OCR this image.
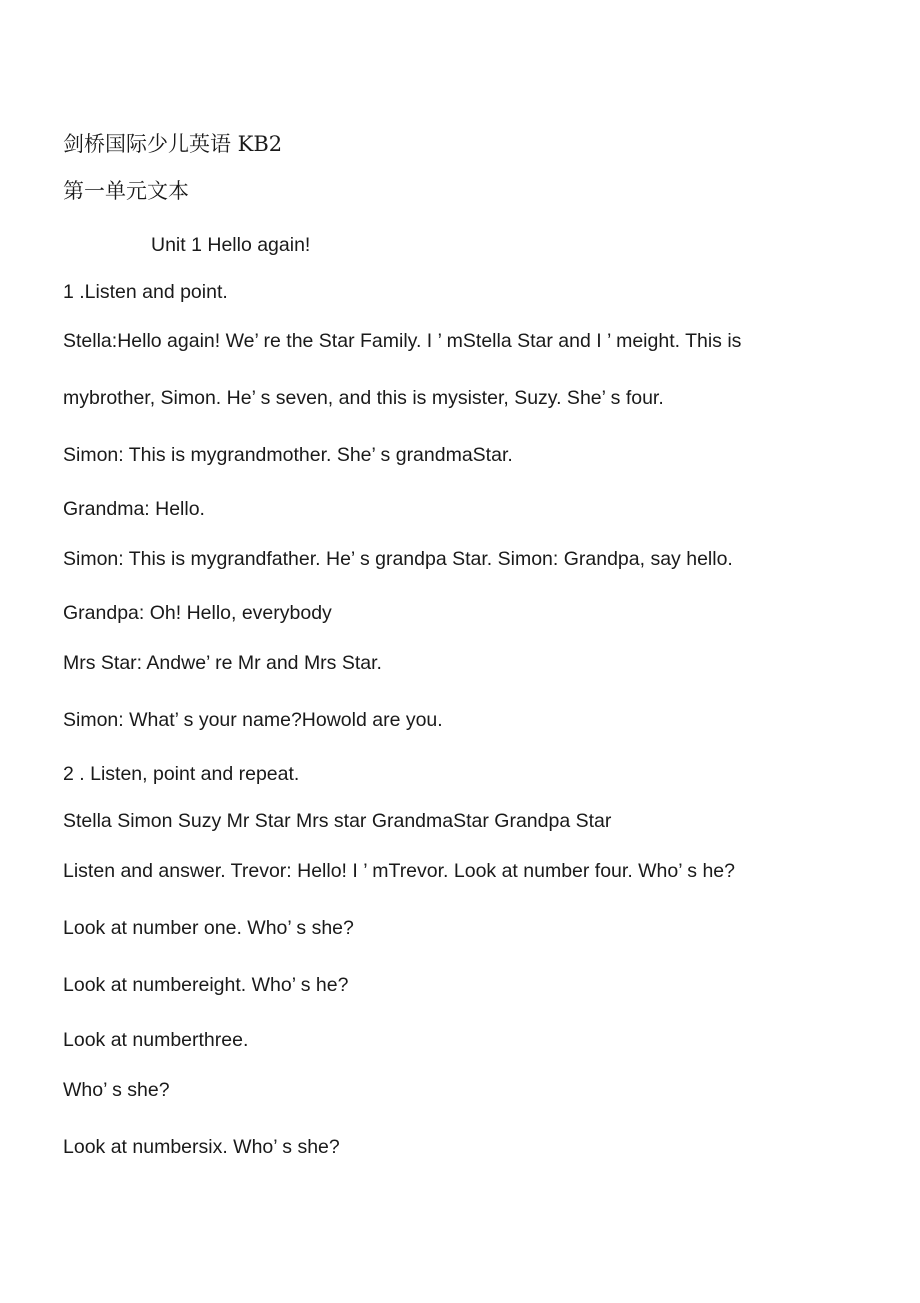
剑桥国际少儿英语 KB2
第一单元文本
Unit 1 Hello again!
1 .Listen and point.
Stella:Hello again! We’ re the Star Family. I ’ mStella Star and I ’ meight. This is
mybrother, Simon. He’ s seven, and this is mysister, Suzy. She’ s four.
Simon: This is mygrandmother. She’ s grandmaStar.
Grandma: Hello.
Simon: This is mygrandfather. He’ s grandpa Star. Simon: Grandpa, say hello.
Grandpa: Oh! Hello, everybody
Mrs Star: Andwe’ re Mr and Mrs Star.
Simon: What’ s your name?Howold are you.
2 . Listen, point and repeat.
Stella Simon Suzy Mr Star Mrs star GrandmaStar Grandpa Star
Listen and answer. Trevor: Hello! I ’ mTrevor. Look at number four. Who’ s he?
Look at number one. Who’ s she?
Look at numbereight. Who’ s he?
Look at numberthree.
Who’ s she?
Look at numbersix. Who’ s she?
